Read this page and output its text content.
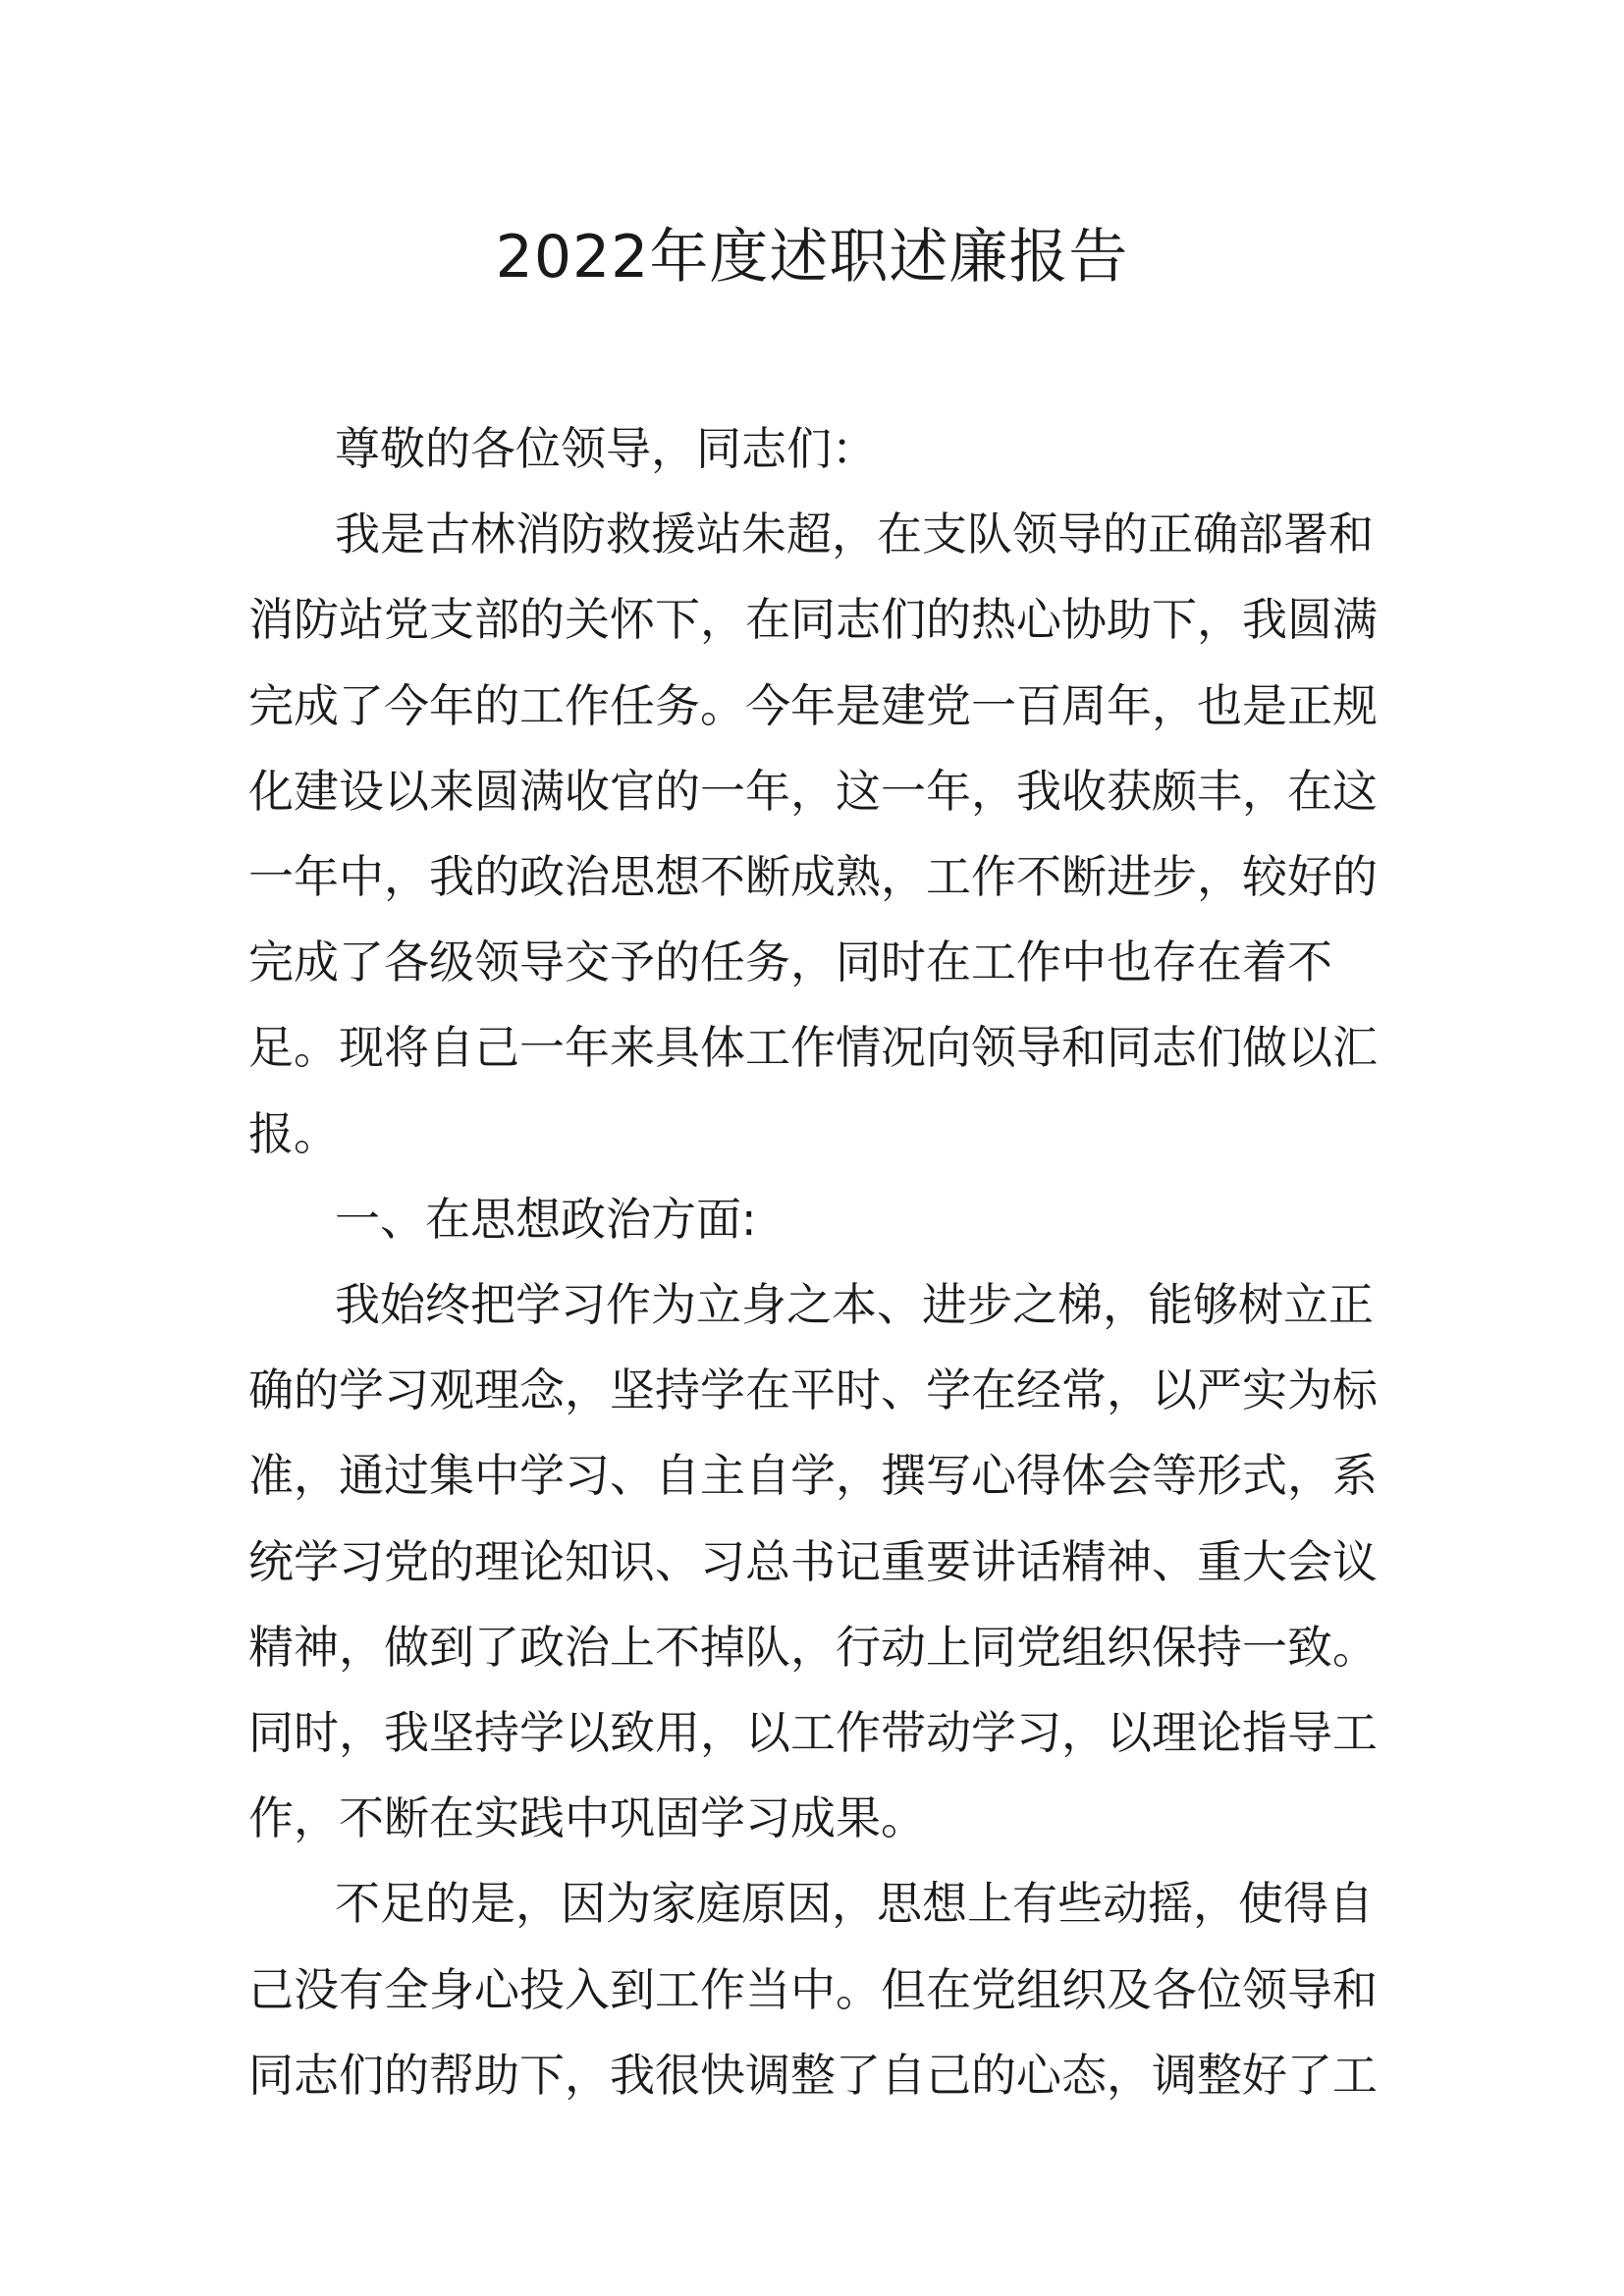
2022年度述职述廉报告
尊敬的各位领导，同志们：
我是古林消防救援站朱超，在支队领导的正确部署和
消防站党支部的关怀下，在同志们的热心协助下，我圆满
完成了今年的工作任务。今年是建党一百周年，也是正规
化建设以来圆满收官的一年，这一年，我收获颇丰，在这
一年中，我的政治思想不断成熟，工作不断进步，较好的
完成了各级领导交予的任务，同时在工作中也存在着不
足。现将自己一年来具体工作情况向领导和同志们做以汇
报。
一、在思想政治方面:
我始终把学习作为立身之本、进步之梯，能够树立正
确的学习观理念，坚持学在平时、学在经常，以严实为标
准，通过集中学习、自主自学，撰写心得体会等形式，系
统学习党的理论知识、习总书记重要讲话精神、重大会议
精神，做到了政治上不掉队，行动上同党组织保持一致。
同时，我坚持学以致用，以工作带动学习，以理论指导工
作，不断在实践中巩固学习成果。
不足的是，因为家庭原因，思想上有些动摇，使得自
己没有全身心投入到工作当中。但在党组织及各位领导和
同志们的帮助下，我很快调整了自己的心态，调整好了工
